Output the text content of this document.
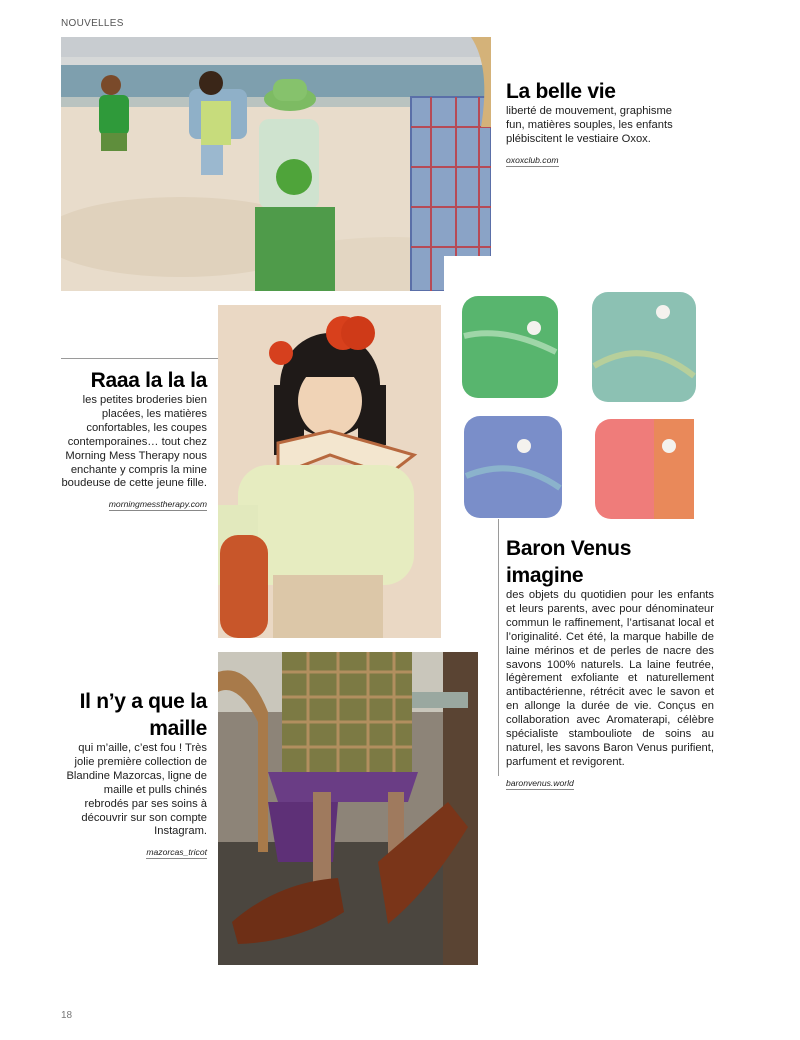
NOUVELLES
La belle vie
liberté de mouvement, graphisme fun, matières souples, les enfants plébiscitent le vestiaire Oxox.
oxoxclub.com
Raaa la la la
les petites broderies bien placées, les matières confortables, les coupes contemporaines… tout chez Morning Mess Therapy nous enchante y compris la mine boudeuse de cette jeune fille.
morningmesstherapy.com
Baron Venus imagine
des objets du quotidien pour les enfants et leurs parents, avec pour dénominateur commun le raffinement, l’artisanat local et l’originalité. Cet été, la marque habille de laine mérinos et de perles de nacre des savons 100% naturels. La laine feutrée, légèrement exfoliante et naturellement antibactérienne, rétrécit avec le savon et en allonge la durée de vie. Conçus en collaboration avec Aromaterapi, célèbre spécialiste stambouliote de soins au naturel, les savons Baron Venus purifient, parfument et revigorent.
baronvenus.world
Il n’y a que la maille
qui m’aille, c’est fou ! Très jolie première collection de Blandine Mazorcas, ligne de maille et pulls chinés rebrodés par ses soins à découvrir sur son compte Instagram.
mazorcas_tricot
18
